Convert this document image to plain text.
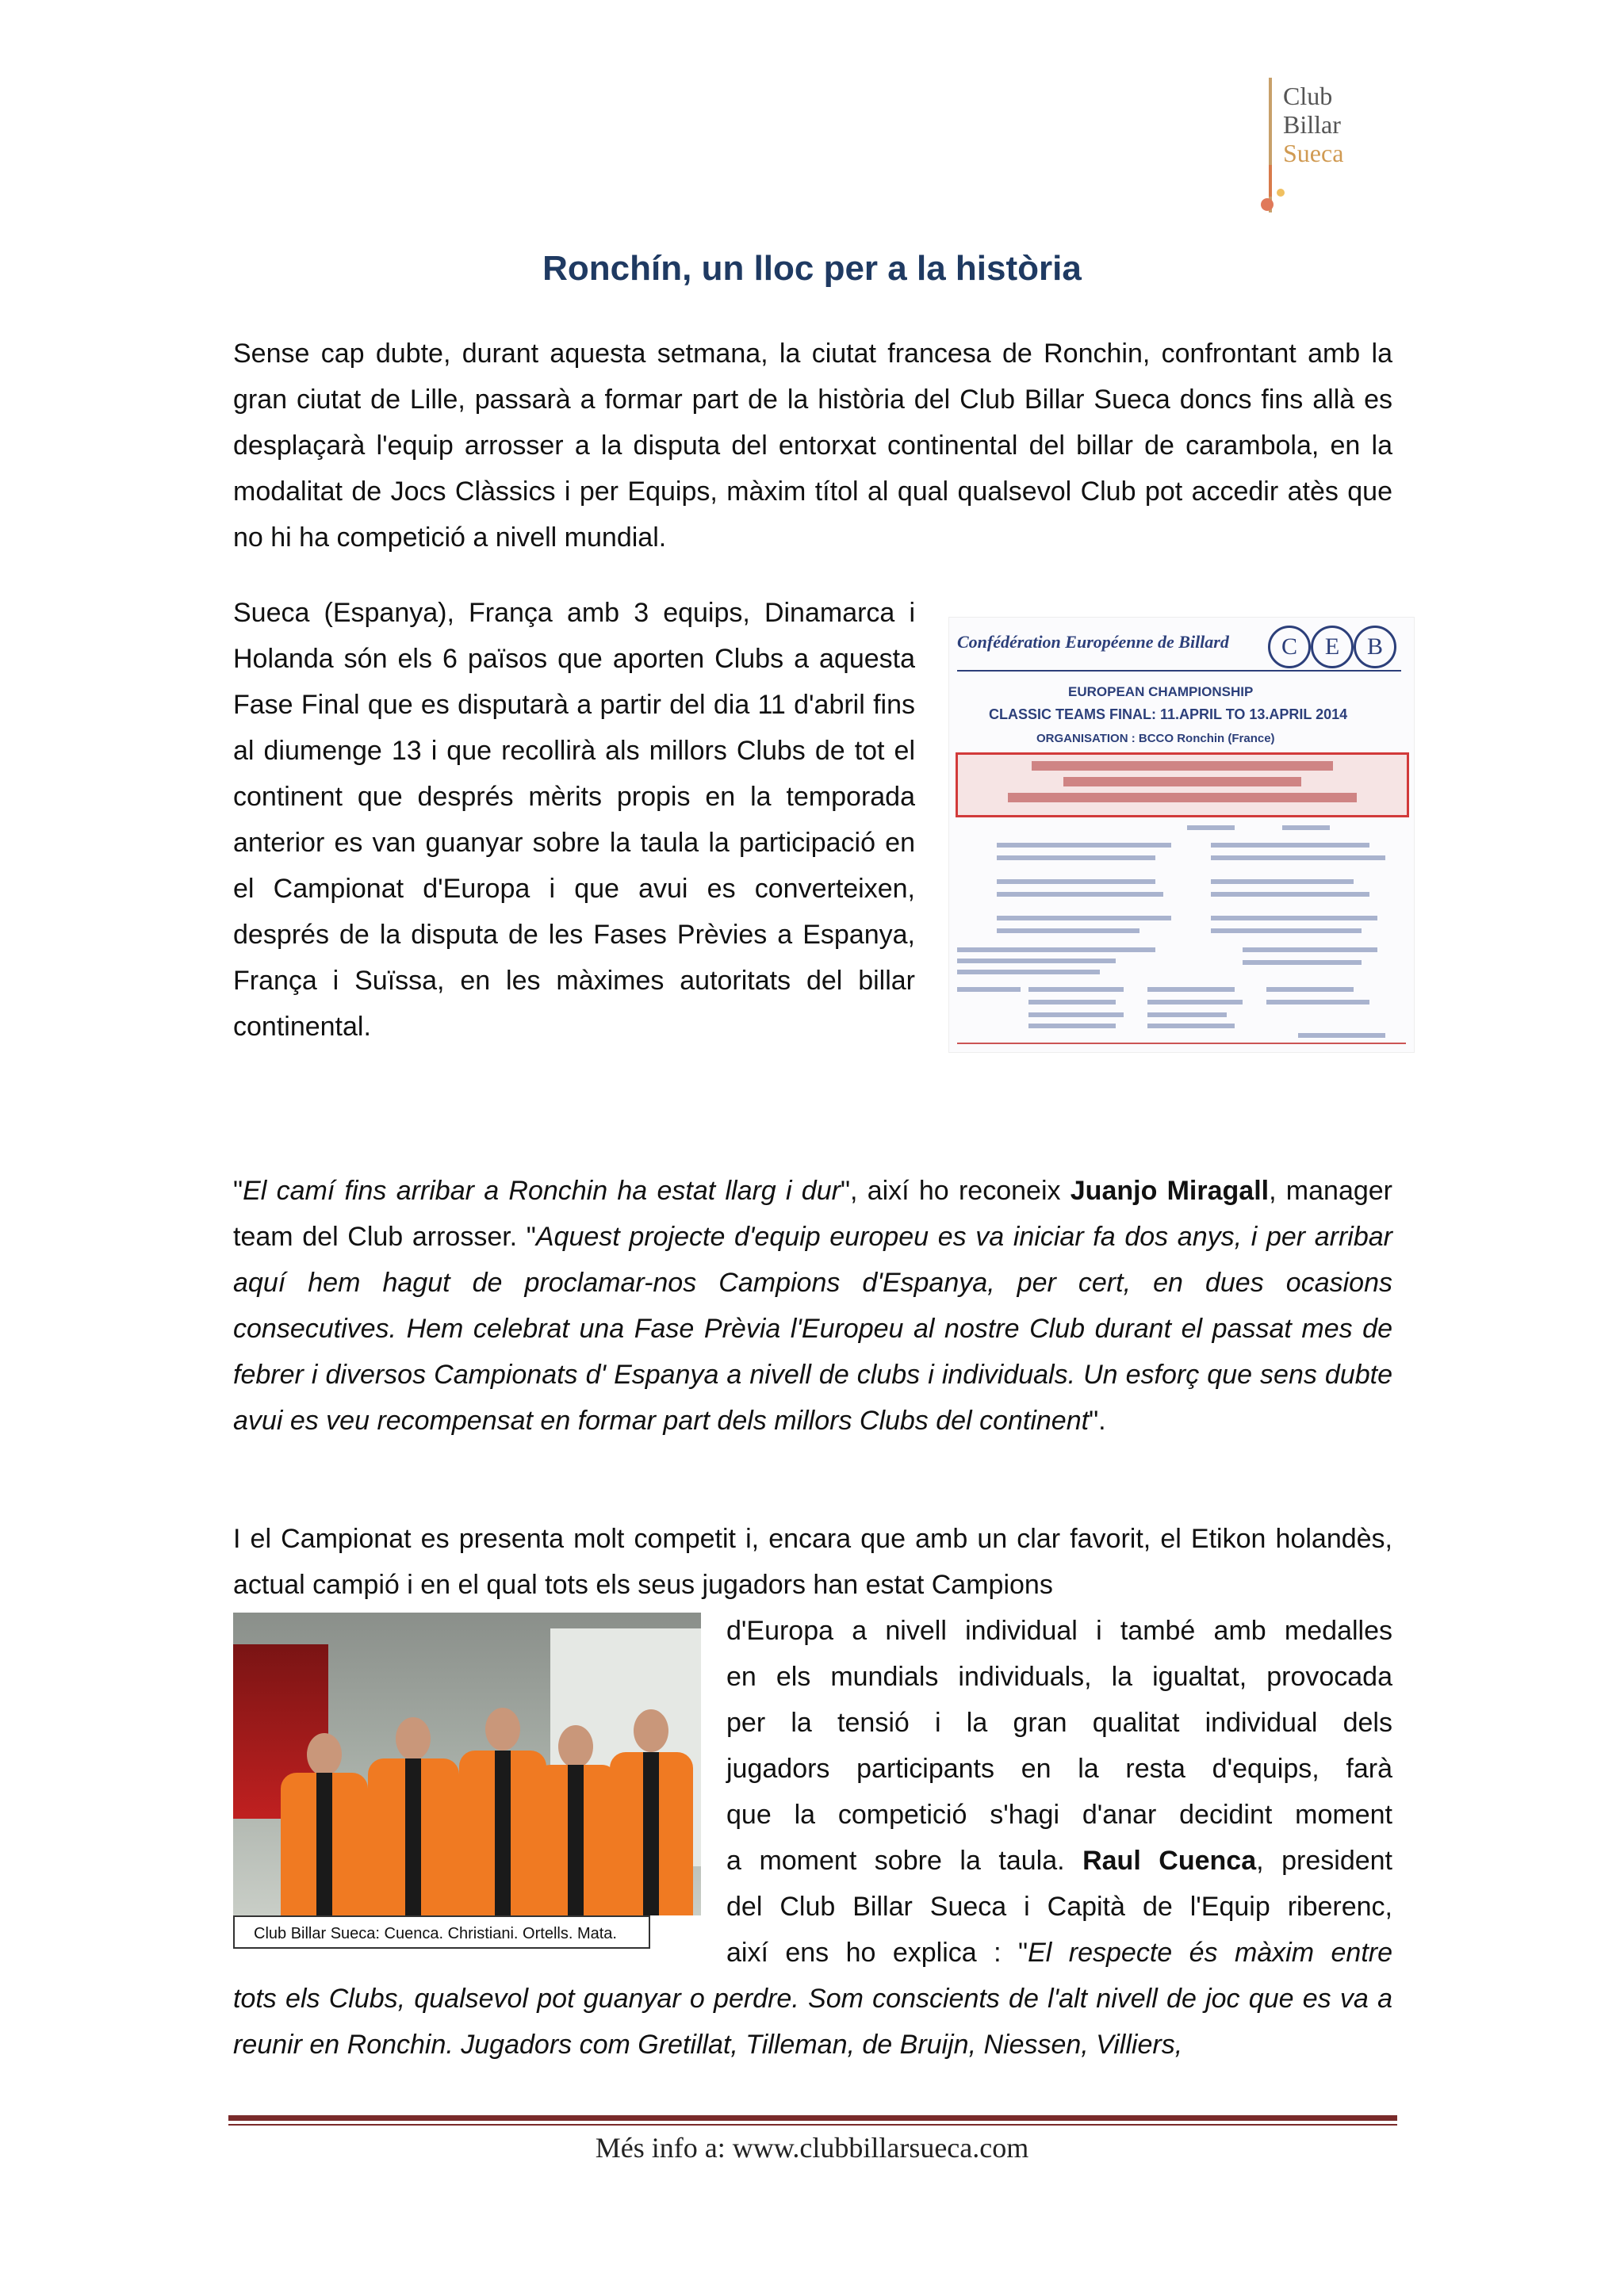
Club
Billar
Sueca
Ronchín, un lloc per a la història

Sense cap dubte, durant aquesta setmana, la ciutat francesa de Ronchin, confrontant amb la gran ciutat de Lille, passarà a formar part de la història del Club Billar Sueca doncs fins allà es desplaçarà l'equip arrosser a la disputa del entorxat continental del billar de carambola, en la modalitat de Jocs Clàssics i per Equips, màxim títol al qual qualsevol Club pot accedir atès que no hi ha competició a nivell mundial.

Sueca (Espanya), França amb 3 equips, Dinamarca i Holanda són els 6 països que aporten Clubs a aquesta Fase Final que es disputarà a partir del dia 11 d'abril fins al diumenge 13 i que recollirà als millors Clubs de tot el continent que després mèrits propis en la temporada anterior es van guanyar sobre la taula la participació en el Campionat d'Europa i que avui es converteixen, després de la disputa de les Fases Prèvies a Espanya, França i Suïssa, en les màximes autoritats del billar continental.

Confédération Européenne de Billard	C	E	B
EUROPEAN CHAMPIONSHIP
CLASSIC TEAMS FINAL: 11.APRIL TO 13.APRIL 2014
ORGANISATION : BCCO Ronchin (France)

"El camí fins arribar a Ronchin ha estat llarg i dur", així ho reconeix Juanjo Miragall, manager team del Club arrosser. "Aquest projecte d'equip europeu es va iniciar fa dos anys, i per arribar aquí hem hagut de proclamar-nos Campions d'Espanya, per cert, en dues ocasions consecutives. Hem celebrat una Fase Prèvia l'Europeu al nostre Club durant el passat mes de febrer i diversos Campionats d' Espanya a nivell de clubs i individuals. Un esforç que sens dubte avui es veu recompensat en formar part dels millors Clubs del continent".

I el Campionat es presenta molt competit i, encara que amb un clar favorit, el Etikon holandès, actual campió i en el qual tots els seus jugadors han estat Campions

d'Europa a nivell individual i també amb medalles

en els mundials individuals, la igualtat, provocada

per la tensió i la gran qualitat individual dels

jugadors participants en la resta d'equips, farà

que la competició s'hagi d'anar decidint moment

a moment sobre la taula. Raul Cuenca, president

del Club Billar Sueca i Capità de l'Equip riberenc,

així ens ho explica : "El respecte és màxim entre

tots els Clubs, qualsevol pot guanyar o perdre. Som conscients de l'alt nivell de joc que es va a reunir en Ronchin. Jugadors com Gretillat, Tilleman, de Bruijn, Niessen, Villiers,

Club Billar Sueca: Cuenca. Christiani. Ortells. Mata.
Més info a: www.clubbillarsueca.com
